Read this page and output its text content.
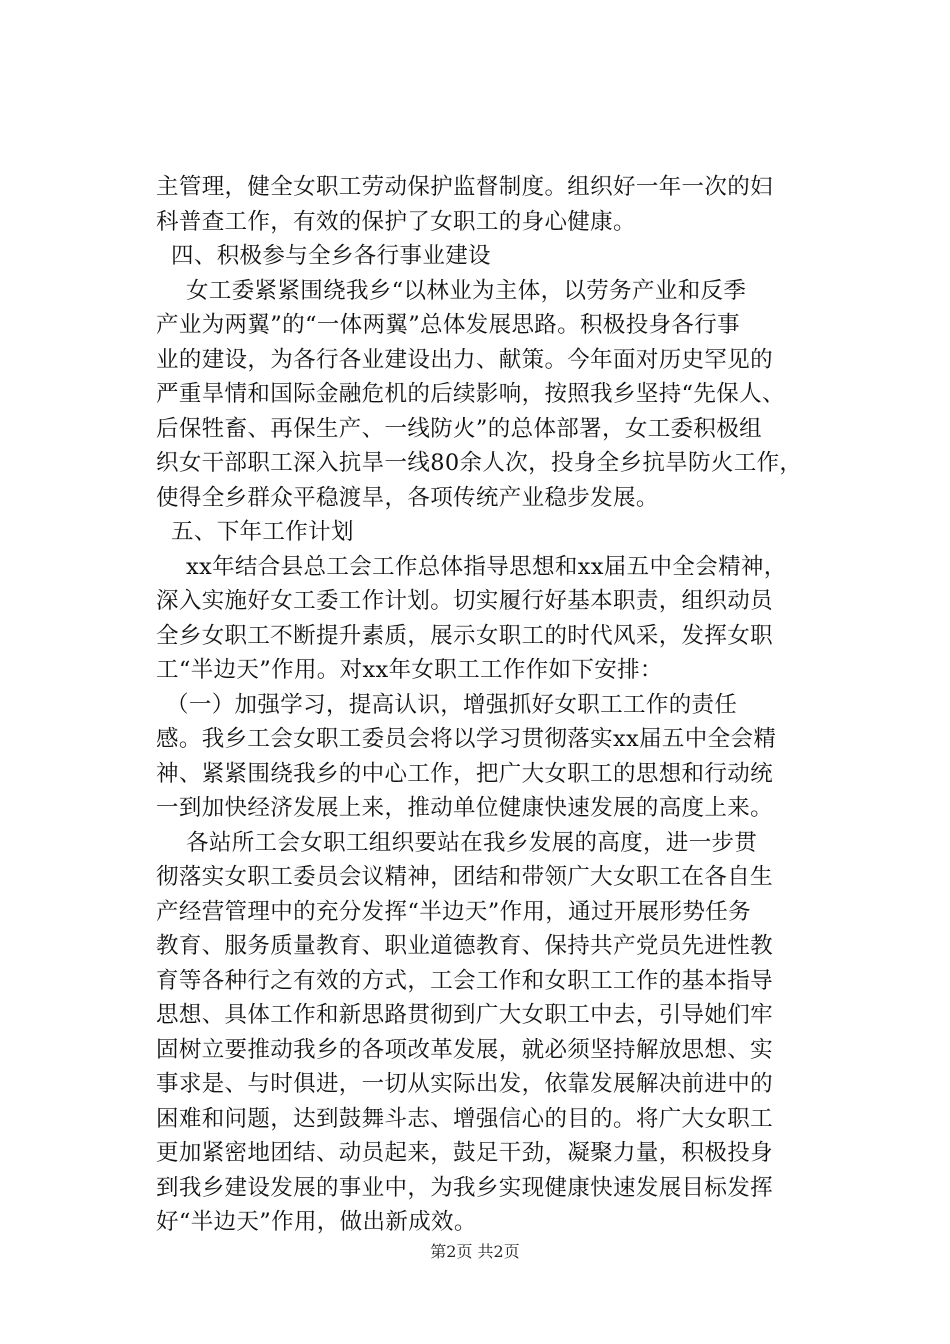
主管理，健全女职工劳动保护监督制度。组织好一年一次的妇
科普查工作，有效的保护了女职工的身心健康。
四、积极参与全乡各行事业建设
女工委紧紧围绕我乡“以林业为主体，以劳务产业和反季
产业为两翼”的“一体两翼”总体发展思路。积极投身各行事
业的建设，为各行各业建设出力、献策。今年面对历史罕见的
严重旱情和国际金融危机的后续影响，按照我乡坚持“先保人、
后保牲畜、再保生产、一线防火”的总体部署，女工委积极组
织女干部职工深入抗旱一线80余人次，投身全乡抗旱防火工作，
使得全乡群众平稳渡旱，各项传统产业稳步发展。
五、下年工作计划
xx年结合县总工会工作总体指导思想和xx届五中全会精神，
深入实施好女工委工作计划。切实履行好基本职责，组织动员
全乡女职工不断提升素质，展示女职工的时代风采，发挥女职
工“半边天”作用。对xx年女职工工作作如下安排：
（一）加强学习，提高认识，增强抓好女职工工作的责任
感。我乡工会女职工委员会将以学习贯彻落实xx届五中全会精
神、紧紧围绕我乡的中心工作，把广大女职工的思想和行动统
一到加快经济发展上来，推动单位健康快速发展的高度上来。
各站所工会女职工组织要站在我乡发展的高度，进一步贯
彻落实女职工委员会议精神，团结和带领广大女职工在各自生
产经营管理中的充分发挥“半边天”作用，通过开展形势任务
教育、服务质量教育、职业道德教育、保持共产党员先进性教
育等各种行之有效的方式，工会工作和女职工工作的基本指导
思想、具体工作和新思路贯彻到广大女职工中去，引导她们牢
固树立要推动我乡的各项改革发展，就必须坚持解放思想、实
事求是、与时俱进，一切从实际出发，依靠发展解决前进中的
困难和问题，达到鼓舞斗志、增强信心的目的。将广大女职工
更加紧密地团结、动员起来，鼓足干劲，凝聚力量，积极投身
到我乡建设发展的事业中，为我乡实现健康快速发展目标发挥
好“半边天”作用，做出新成效。
第2页 共2页
